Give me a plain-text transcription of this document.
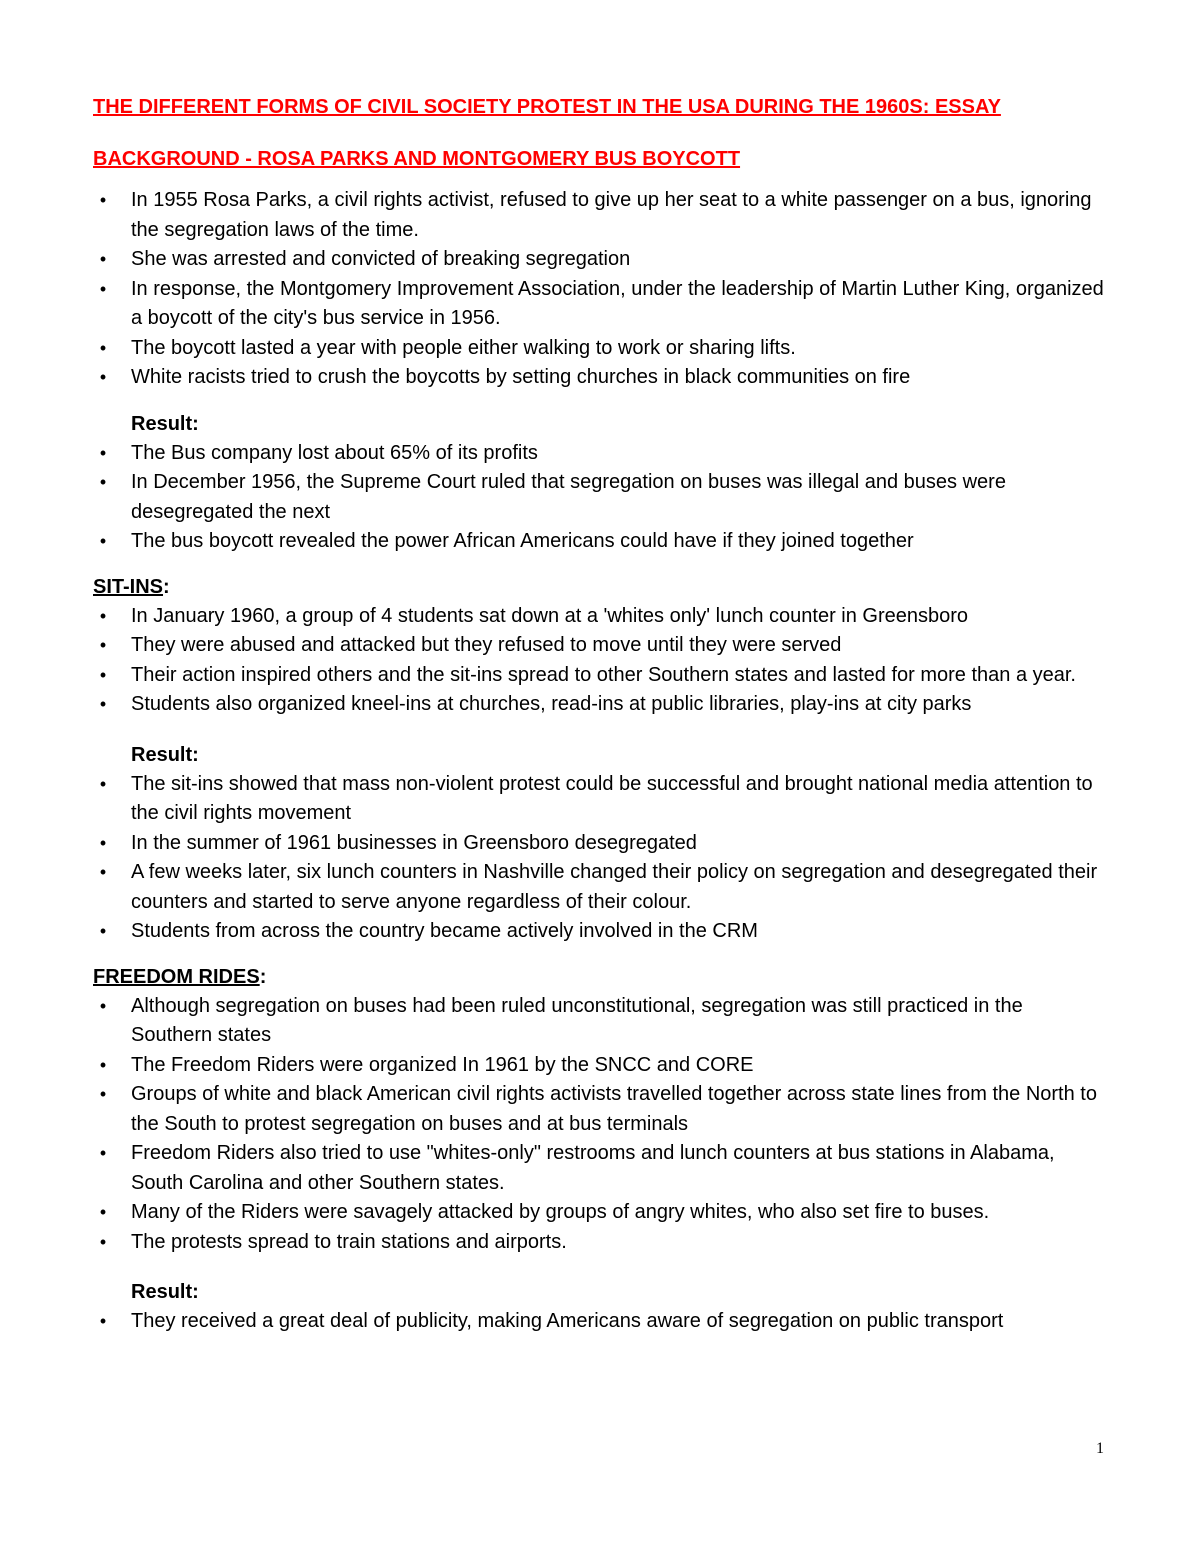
THE DIFFERENT FORMS OF CIVIL SOCIETY PROTEST IN THE USA DURING THE 1960S: ESSAY
BACKGROUND - ROSA PARKS AND MONTGOMERY BUS BOYCOTT
•	In 1955 Rosa Parks, a civil rights activist, refused to give up her seat to a white passenger on a bus, ignoring the segregation laws of the time.
•	She was arrested and convicted of breaking segregation
•	In response, the Montgomery Improvement Association, under the leadership of Martin Luther King, organized a boycott of the city's bus service in 1956.
•	The boycott lasted a year with people either walking to work or sharing lifts.
•	White racists tried to crush the boycotts by setting churches in black communities on fire
Result:
•	The Bus company lost about 65% of its profits
•	In December 1956, the Supreme Court ruled that segregation on buses was illegal and buses were desegregated the next
•	The bus boycott revealed the power African Americans could have if they joined together
SIT-INS:
•	In January 1960, a group of 4 students sat down at a 'whites only' lunch counter in Greensboro
•	They were abused and attacked but they refused to move until they were served
•	Their action inspired others and the sit-ins spread to other Southern states and lasted for more than a year.
•	Students also organized kneel-ins at churches, read-ins at public libraries, play-ins at city parks
Result:
•	The sit-ins showed that mass non-violent protest could be successful and brought national media attention to the civil rights movement
•	In the summer of 1961 businesses in Greensboro desegregated
•	A few weeks later, six lunch counters in Nashville changed their policy on segregation and desegregated their counters and started to serve anyone regardless of their colour.
•	Students from across the country became actively involved in the CRM
FREEDOM RIDES:
•	Although segregation on buses had been ruled unconstitutional, segregation was still practiced in the Southern states
•	The Freedom Riders were organized In 1961 by the SNCC and CORE
•	Groups of white and black American civil rights activists travelled together across state lines from the North to the South to protest segregation on buses and at bus terminals
•	Freedom Riders also tried to use "whites-only" restrooms and lunch counters at bus stations in Alabama, South Carolina and other Southern states.
•	Many of the Riders were savagely attacked by groups of angry whites, who also set fire to buses.
•	The protests spread to train stations and airports.
Result:
•	They received a great deal of publicity, making Americans aware of segregation on public transport
1
